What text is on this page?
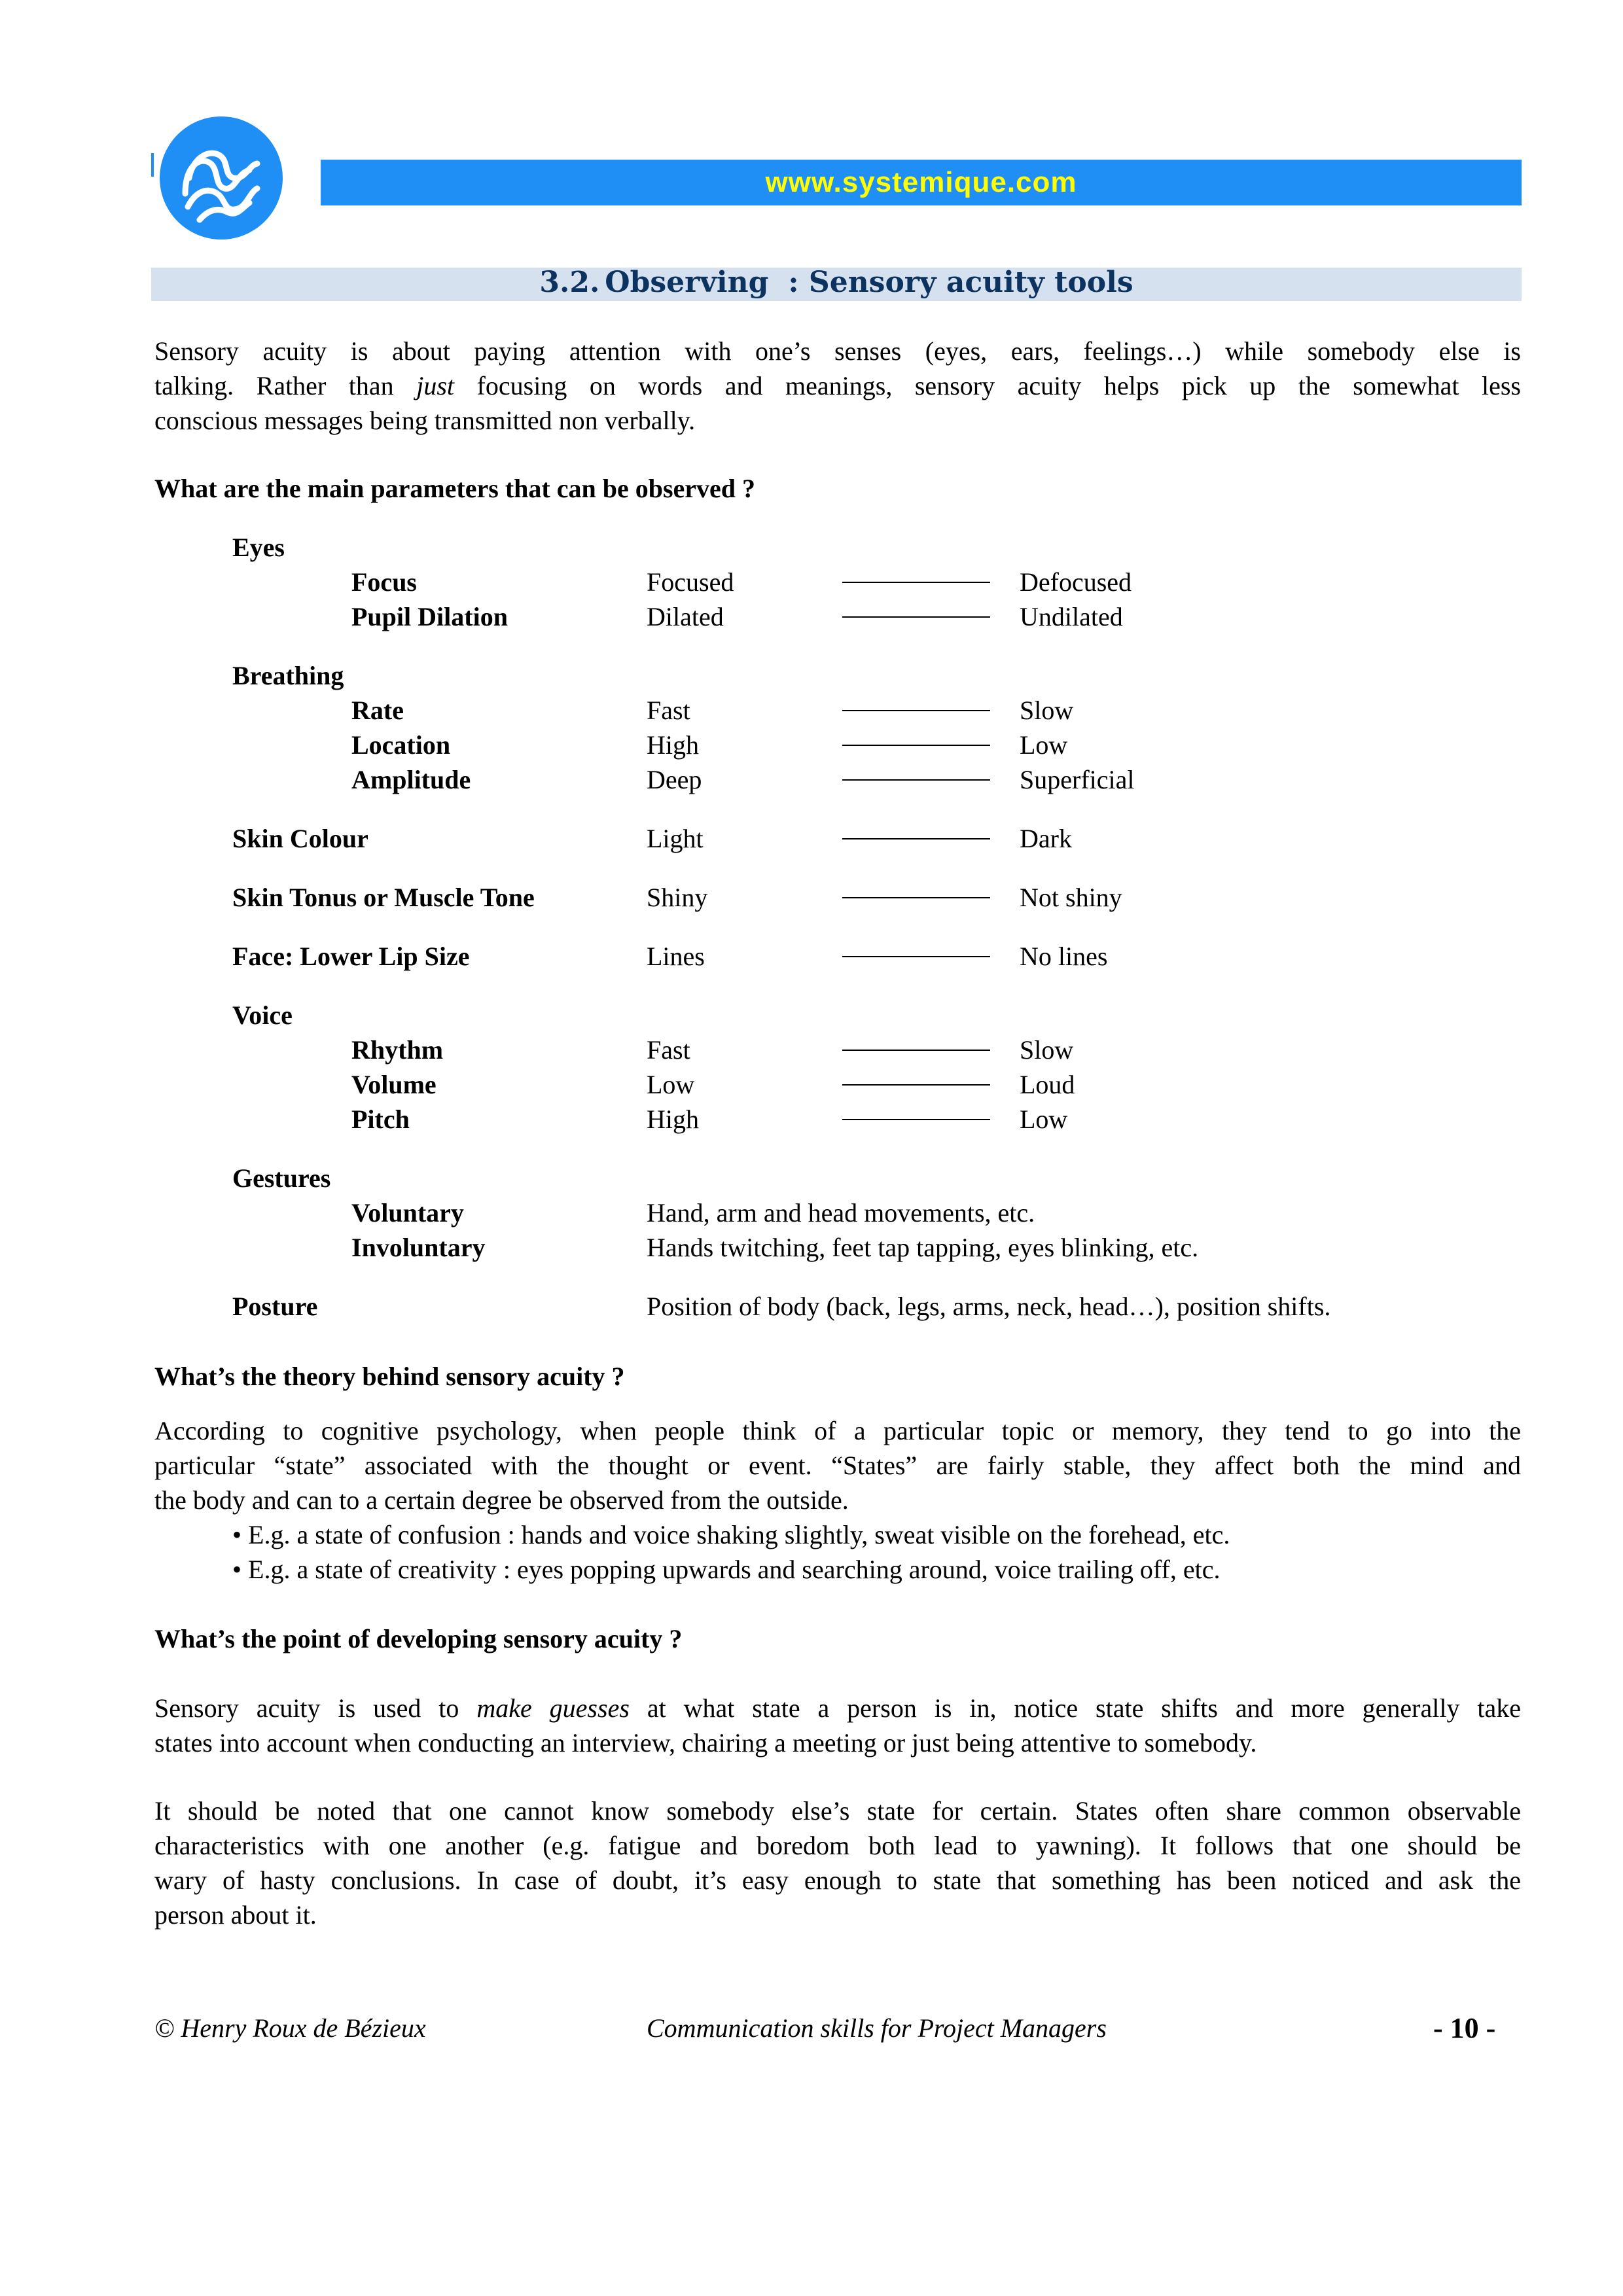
www.systemique.com
3.2. Observing : Sensory acuity tools
Sensory acuity is about paying attention with one’s senses (eyes, ears, feelings…) while somebody else is
talking. Rather than just focusing on words and meanings, sensory acuity helps pick up the somewhat less
conscious messages being transmitted non verbally.
What are the main parameters that can be observed ?
Eyes
Focus	Focused	Defocused
Pupil Dilation	Dilated	Undilated
Breathing
Rate	Fast	Slow
Location	High	Low
Amplitude	Deep	Superficial
Skin Colour	Light	Dark
Skin Tonus or Muscle Tone	Shiny	Not shiny
Face: Lower Lip Size	Lines	No lines
Voice
Rhythm	Fast	Slow
Volume	Low	Loud
Pitch	High	Low
Gestures
Voluntary	Hand, arm and head movements, etc.
Involuntary	Hands twitching, feet tap tapping, eyes blinking, etc.
Posture	Position of body (back, legs, arms, neck, head…), position shifts.
What’s the theory behind sensory acuity ?
According to cognitive psychology, when people think of a particular topic or memory, they tend to go into the
particular “state” associated with the thought or event. “States” are fairly stable, they affect both the mind and
the body and can to a certain degree be observed from the outside.
• E.g. a state of confusion : hands and voice shaking slightly, sweat visible on the forehead, etc.
• E.g. a state of creativity : eyes popping upwards and searching around, voice trailing off, etc.
What’s the point of developing sensory acuity ?
Sensory acuity is used to make guesses at what state a person is in, notice state shifts and more generally take
states into account when conducting an interview, chairing a meeting or just being attentive to somebody.
It should be noted that one cannot know somebody else’s state for certain. States often share common observable
characteristics with one another (e.g. fatigue and boredom both lead to yawning). It follows that one should be
wary of hasty conclusions. In case of doubt, it’s easy enough to state that something has been noticed and ask the
person about it.
© Henry Roux de Bézieux	Communication skills for Project Managers	- 10 -
